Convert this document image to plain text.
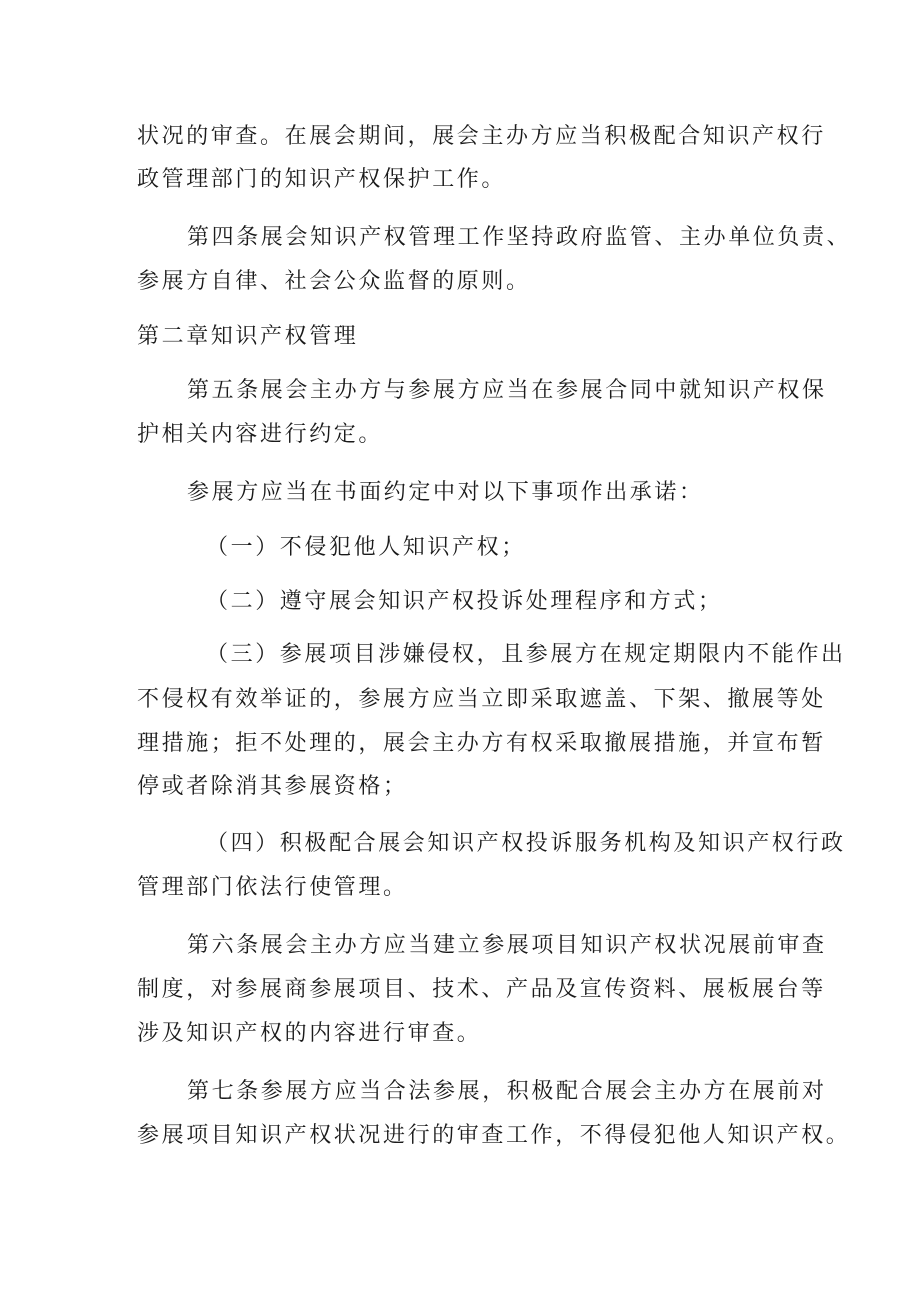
状况的审查。在展会期间，展会主办方应当积极配合知识产权行
政管理部门的知识产权保护工作。
第四条展会知识产权管理工作坚持政府监管、主办单位负责、
参展方自律、社会公众监督的原则。
第二章知识产权管理
第五条展会主办方与参展方应当在参展合同中就知识产权保
护相关内容进行约定。
参展方应当在书面约定中对以下事项作出承诺：
（一）不侵犯他人知识产权；
（二）遵守展会知识产权投诉处理程序和方式；
（三）参展项目涉嫌侵权，且参展方在规定期限内不能作出
不侵权有效举证的，参展方应当立即采取遮盖、下架、撤展等处
理措施；拒不处理的，展会主办方有权采取撤展措施，并宣布暂
停或者除消其参展资格；
（四）积极配合展会知识产权投诉服务机构及知识产权行政
管理部门依法行使管理。
第六条展会主办方应当建立参展项目知识产权状况展前审查
制度，对参展商参展项目、技术、产品及宣传资料、展板展台等
涉及知识产权的内容进行审查。
第七条参展方应当合法参展，积极配合展会主办方在展前对
参展项目知识产权状况进行的审查工作，不得侵犯他人知识产权。
